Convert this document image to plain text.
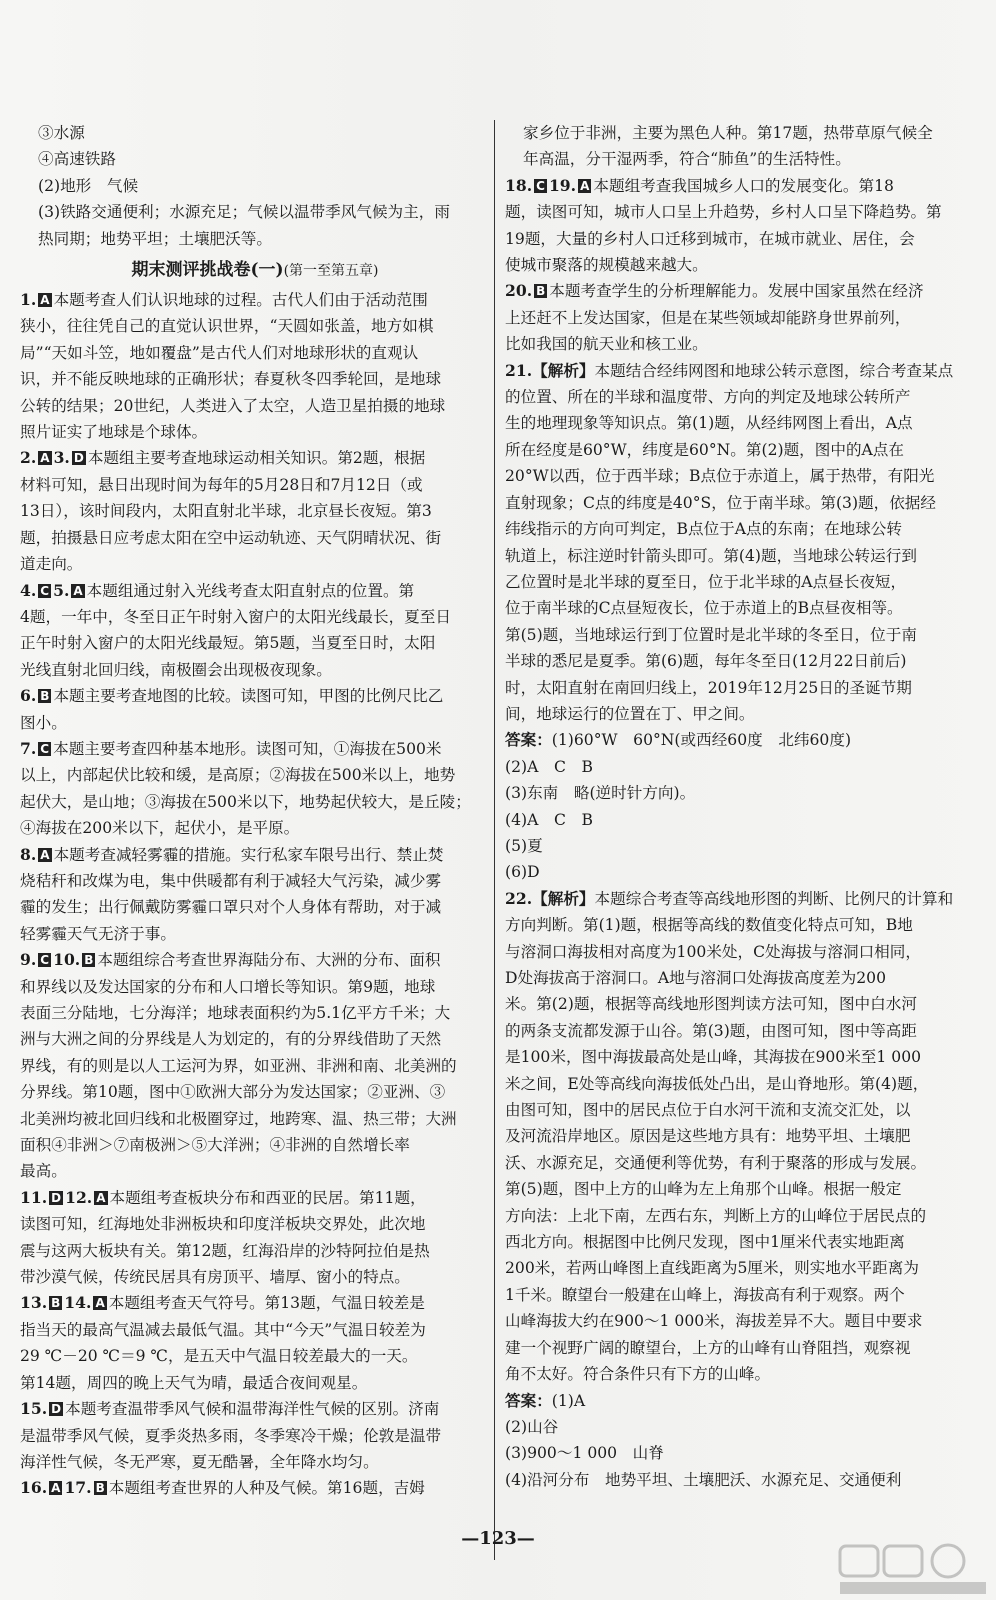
③水源
④高速铁路
(2)地形　气候
(3)铁路交通便利；水源充足；气候以温带季风气候为主，雨
热同期；地势平坦；土壤肥沃等。
期末测评挑战卷(一)(第一至第五章)
1. A 本题考查人们认识地球的过程。古代人们由于活动范围
狭小，往往凭自己的直觉认识世界，“天圆如张盖，地方如棋
局”“天如斗笠，地如覆盘”是古代人们对地球形状的直观认
识，并不能反映地球的正确形状；春夏秋冬四季轮回，是地球
公转的结果；20世纪，人类进入了太空，人造卫星拍摄的地球
照片证实了地球是个球体。
2. A 3. D 本题组主要考查地球运动相关知识。第2题，根据
材料可知，悬日出现时间为每年的5月28日和7月12日（或
13日），该时间段内，太阳直射北半球，北京昼长夜短。第3
题，拍摄悬日应考虑太阳在空中运动轨迹、天气阴晴状况、街
道走向。
4. C 5. A 本题组通过射入光线考查太阳直射点的位置。第
4题，一年中，冬至日正午时射入窗户的太阳光线最长，夏至日
正午时射入窗户的太阳光线最短。第5题，当夏至日时，太阳
光线直射北回归线，南极圈会出现极夜现象。
6. B 本题主要考查地图的比较。读图可知，甲图的比例尺比乙
图小。
7. C 本题主要考查四种基本地形。读图可知，①海拔在500米
以上，内部起伏比较和缓，是高原；②海拔在500米以上，地势
起伏大，是山地；③海拔在500米以下，地势起伏较大，是丘陵；
④海拔在200米以下，起伏小，是平原。
8. A 本题考查减轻雾霾的措施。实行私家车限号出行、禁止焚
烧秸秆和改煤为电，集中供暖都有利于减轻大气污染，减少雾
霾的发生；出行佩戴防雾霾口罩只对个人身体有帮助，对于减
轻雾霾天气无济于事。
9. C 10. B 本题组综合考查世界海陆分布、大洲的分布、面积
和界线以及发达国家的分布和人口增长等知识。第9题，地球
表面三分陆地，七分海洋；地球表面积约为5.1亿平方千米；大
洲与大洲之间的分界线是人为划定的，有的分界线借助了天然
界线，有的则是以人工运河为界，如亚洲、非洲和南、北美洲的
分界线。第10题，图中①欧洲大部分为发达国家；②亚洲、③
北美洲均被北回归线和北极圈穿过，地跨寒、温、热三带；大洲
面积④非洲＞⑦南极洲＞⑤大洋洲；④非洲的自然增长率
最高。
11. D 12. A 本题组考查板块分布和西亚的民居。第11题，
读图可知，红海地处非洲板块和印度洋板块交界处，此次地
震与这两大板块有关。第12题，红海沿岸的沙特阿拉伯是热
带沙漠气候，传统民居具有房顶平、墙厚、窗小的特点。
13. B 14. A 本题组考查天气符号。第13题，气温日较差是
指当天的最高气温减去最低气温。其中“今天”气温日较差为
29 ℃－20 ℃＝9 ℃，是五天中气温日较差最大的一天。
第14题，周四的晚上天气为晴，最适合夜间观星。
15. D 本题考查温带季风气候和温带海洋性气候的区别。济南
是温带季风气候，夏季炎热多雨，冬季寒冷干燥；伦敦是温带
海洋性气候，冬无严寒，夏无酷暑，全年降水均匀。
16. A 17. B 本题组考查世界的人种及气候。第16题，吉姆
家乡位于非洲，主要为黑色人种。第17题，热带草原气候全
年高温，分干湿两季，符合“肺鱼”的生活特性。
18. C 19. A 本题组考查我国城乡人口的发展变化。第18
题，读图可知，城市人口呈上升趋势，乡村人口呈下降趋势。第
19题，大量的乡村人口迁移到城市，在城市就业、居住，会
使城市聚落的规模越来越大。
20. B 本题考查学生的分析理解能力。发展中国家虽然在经济
上还赶不上发达国家，但是在某些领域却能跻身世界前列，
比如我国的航天业和核工业。
21.【解析】本题结合经纬网图和地球公转示意图，综合考查某点
的位置、所在的半球和温度带、方向的判定及地球公转所产
生的地理现象等知识点。第(1)题，从经纬网图上看出，A点
所在经度是60°W，纬度是60°N。第(2)题，图中的A点在
20°W以西，位于西半球；B点位于赤道上，属于热带，有阳光
直射现象；C点的纬度是40°S，位于南半球。第(3)题，依据经
纬线指示的方向可判定，B点位于A点的东南；在地球公转
轨道上，标注逆时针箭头即可。第(4)题，当地球公转运行到
乙位置时是北半球的夏至日，位于北半球的A点昼长夜短，
位于南半球的C点昼短夜长，位于赤道上的B点昼夜相等。
第(5)题，当地球运行到丁位置时是北半球的冬至日，位于南
半球的悉尼是夏季。第(6)题，每年冬至日(12月22日前后)
时，太阳直射在南回归线上，2019年12月25日的圣诞节期
间，地球运行的位置在丁、甲之间。
答案：(1)60°W　60°N(或西经60度　北纬60度)
(2)A　C　B
(3)东南　略(逆时针方向)。
(4)A　C　B
(5)夏
(6)D
22.【解析】本题综合考查等高线地形图的判断、比例尺的计算和
方向判断。第(1)题，根据等高线的数值变化特点可知，B地
与溶洞口海拔相对高度为100米处，C处海拔与溶洞口相同，
D处海拔高于溶洞口。A地与溶洞口处海拔高度差为200
米。第(2)题，根据等高线地形图判读方法可知，图中白水河
的两条支流都发源于山谷。第(3)题，由图可知，图中等高距
是100米，图中海拔最高处是山峰，其海拔在900米至1 000
米之间，E处等高线向海拔低处凸出，是山脊地形。第(4)题，
由图可知，图中的居民点位于白水河干流和支流交汇处，以
及河流沿岸地区。原因是这些地方具有：地势平坦、土壤肥
沃、水源充足，交通便利等优势，有利于聚落的形成与发展。
第(5)题，图中上方的山峰为左上角那个山峰。根据一般定
方向法：上北下南，左西右东，判断上方的山峰位于居民点的
西北方向。根据图中比例尺发现，图中1厘米代表实地距离
200米，若两山峰图上直线距离为5厘米，则实地水平距离为
1千米。瞭望台一般建在山峰上，海拔高有利于观察。两个
山峰海拔大约在900～1 000米，海拔差异不大。题目中要求
建一个视野广阔的瞭望台，上方的山峰有山脊阻挡，观察视
角不太好。符合条件只有下方的山峰。
答案：(1)A
(2)山谷
(3)900～1 000　山脊
(4)沿河分布　地势平坦、土壤肥沃、水源充足、交通便利
—123—
